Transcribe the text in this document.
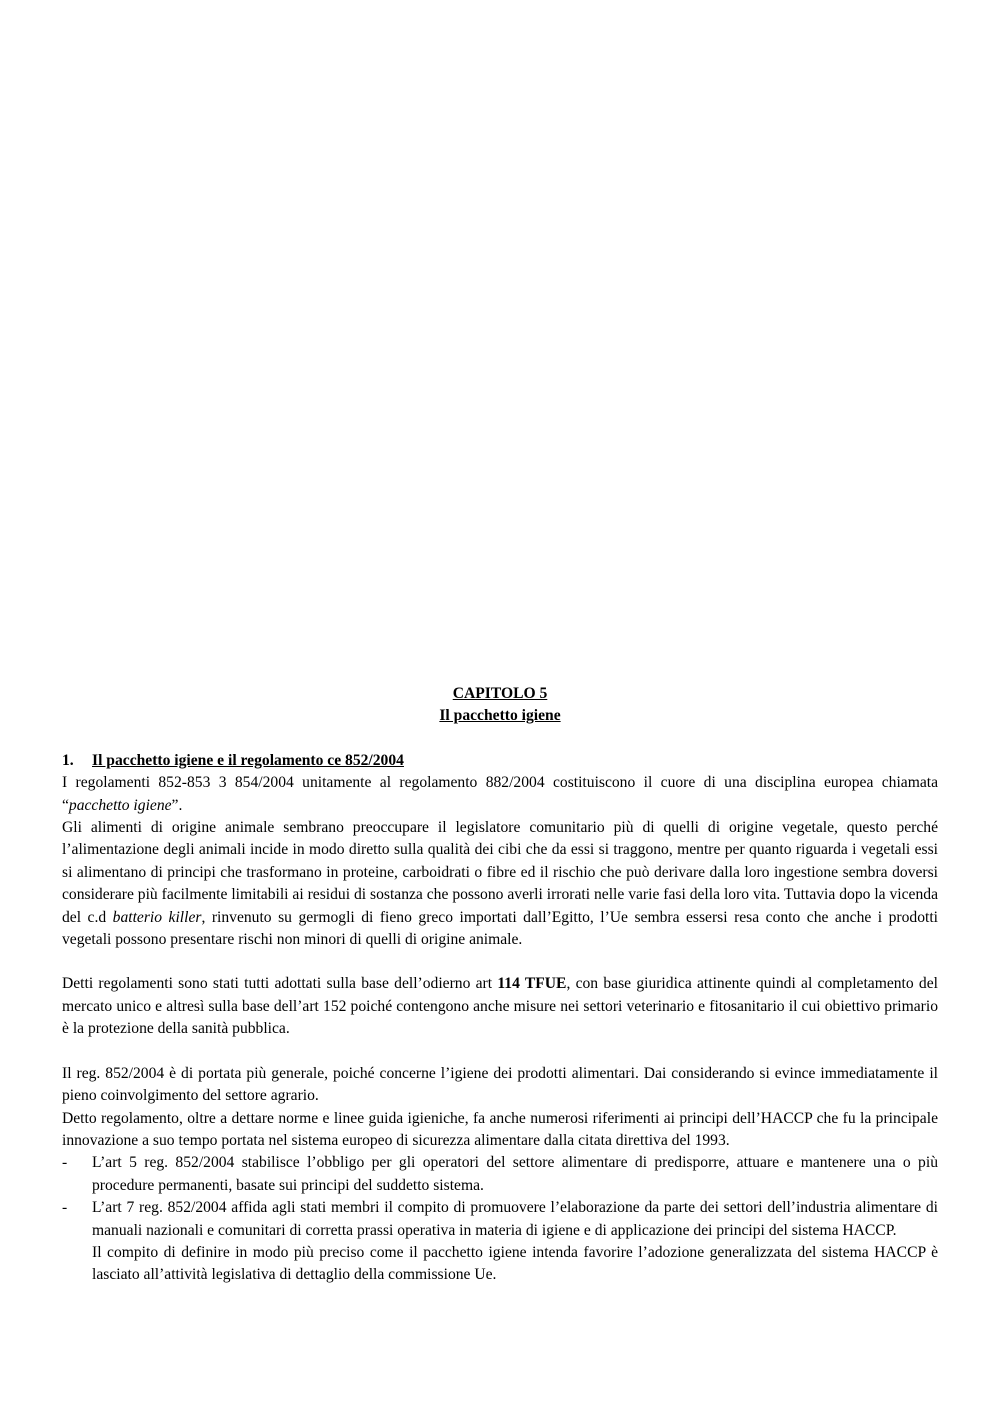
CAPITOLO 5
Il pacchetto igiene
1. Il pacchetto igiene e il regolamento ce 852/2004

I regolamenti 852-853 3 854/2004 unitamente al regolamento 882/2004 costituiscono il cuore di una disciplina europea chiamata “pacchetto igiene”.

Gli alimenti di origine animale sembrano preoccupare il legislatore comunitario più di quelli di origine vegetale, questo perché l’alimentazione degli animali incide in modo diretto sulla qualità dei cibi che da essi si traggono, mentre per quanto riguarda i vegetali essi si alimentano di principi che trasformano in proteine, carboidrati o fibre ed il rischio che può derivare dalla loro ingestione sembra doversi considerare più facilmente limitabili ai residui di sostanza che possono averli irrorati nelle varie fasi della loro vita. Tuttavia dopo la vicenda del c.d batterio killer, rinvenuto su germogli di fieno greco importati dall’Egitto, l’Ue sembra essersi resa conto che anche i prodotti vegetali possono presentare rischi non minori di quelli di origine animale.

Detti regolamenti sono stati tutti adottati sulla base dell’odierno art 114 TFUE, con base giuridica attinente quindi al completamento del mercato unico e altresì sulla base dell’art 152 poiché contengono anche misure nei settori veterinario e fitosanitario il cui obiettivo primario è la protezione della sanità pubblica.

Il reg. 852/2004 è di portata più generale, poiché concerne l’igiene dei prodotti alimentari. Dai considerando si evince immediatamente il pieno coinvolgimento del settore agrario.

Detto regolamento, oltre a dettare norme e linee guida igieniche, fa anche numerosi riferimenti ai principi dell’HACCP che fu la principale innovazione a suo tempo portata nel sistema europeo di sicurezza alimentare dalla citata direttiva del 1993.

- L’art 5 reg. 852/2004 stabilisce l’obbligo per gli operatori del settore alimentare di predisporre, attuare e mantenere una o più procedure permanenti, basate sui principi del suddetto sistema.
- L’art 7 reg. 852/2004 affida agli stati membri il compito di promuovere l’elaborazione da parte dei settori dell’industria alimentare di manuali nazionali e comunitari di corretta prassi operativa in materia di igiene e di applicazione dei principi del sistema HACCP.
Il compito di definire in modo più preciso come il pacchetto igiene intenda favorire l’adozione generalizzata del sistema HACCP è lasciato all’attività legislativa di dettaglio della commissione Ue.
